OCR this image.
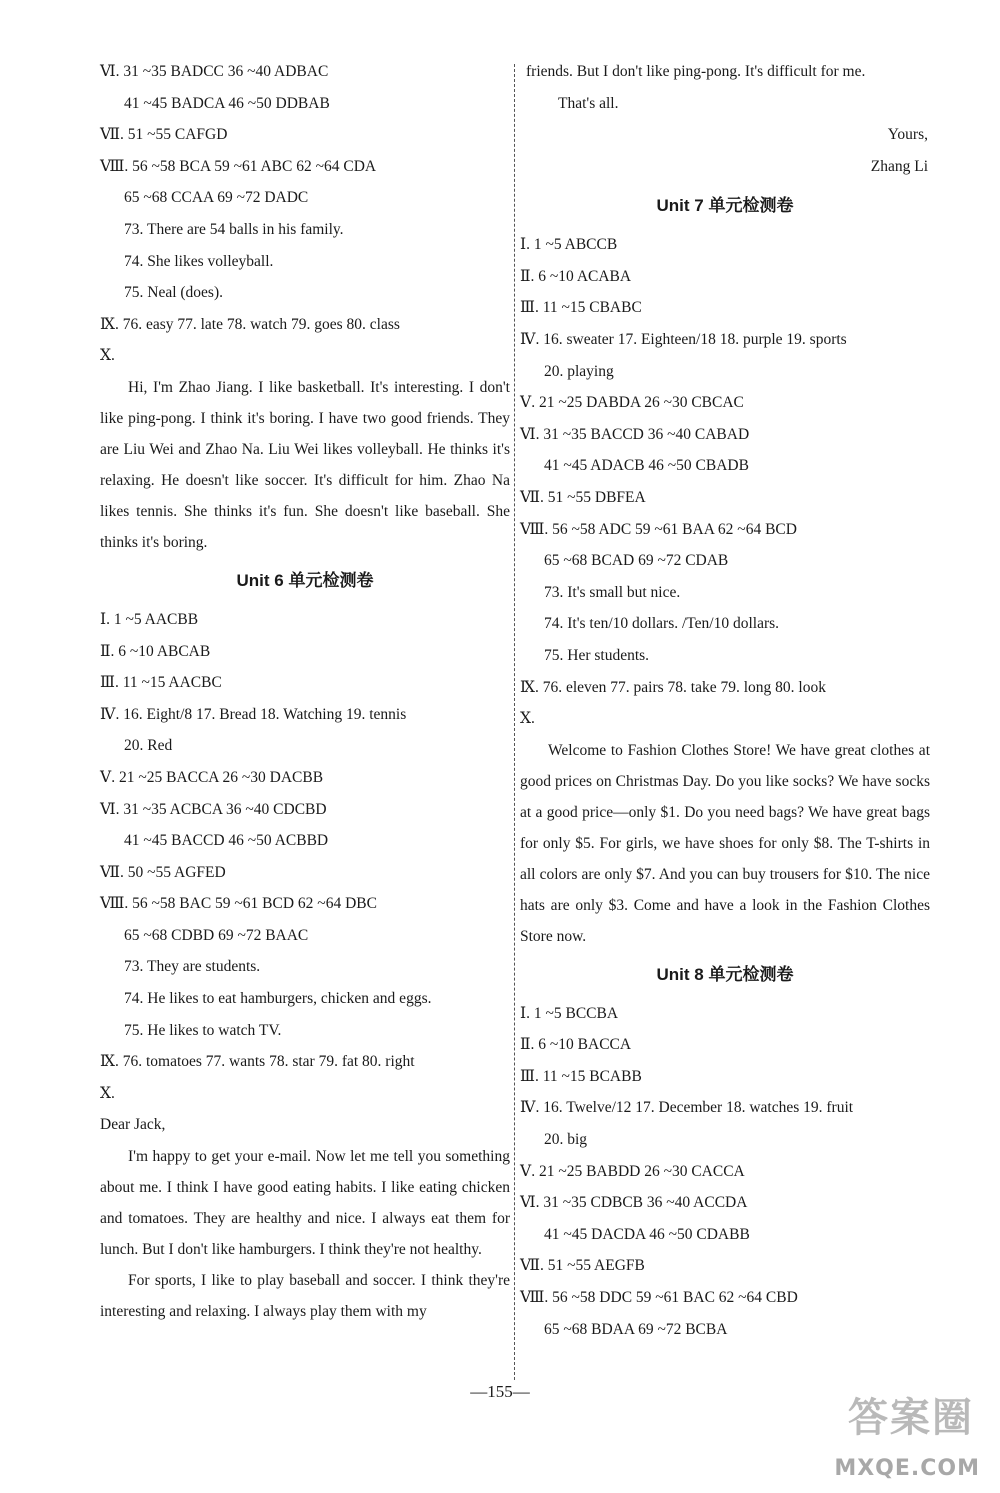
Ⅵ. 31 ~35 BADCC 36 ~40 ADBAC
41 ~45 BADCA 46 ~50 DDBAB
Ⅶ. 51 ~55 CAFGD
Ⅷ. 56 ~58 BCA 59 ~61 ABC 62 ~64 CDA
65 ~68 CCAA 69 ~72 DADC
73. There are 54 balls in his family.
74. She likes volleyball.
75. Neal (does).
Ⅸ. 76. easy 77. late 78. watch 79. goes 80. class
Ⅹ.

Hi, I'm Zhao Jiang. I like basketball. It's interesting. I don't like ping-pong. I think it's boring. I have two good friends. They are Liu Wei and Zhao Na. Liu Wei likes volleyball. He thinks it's relaxing. He doesn't like soccer. It's difficult for him. Zhao Na likes tennis. She thinks it's fun. She doesn't like baseball. She thinks it's boring.

Unit 6 单元检测卷
Ⅰ. 1 ~5 AACBB
Ⅱ. 6 ~10 ABCAB
Ⅲ. 11 ~15 AACBC
Ⅳ. 16. Eight/8 17. Bread 18. Watching 19. tennis
20. Red
Ⅴ. 21 ~25 BACCA 26 ~30 DACBB
Ⅵ. 31 ~35 ACBCA 36 ~40 CDCBD
41 ~45 BACCD 46 ~50 ACBBD
Ⅶ. 50 ~55 AGFED
Ⅷ. 56 ~58 BAC 59 ~61 BCD 62 ~64 DBC
65 ~68 CDBD 69 ~72 BAAC
73. They are students.
74. He likes to eat hamburgers, chicken and eggs.
75. He likes to watch TV.
Ⅸ. 76. tomatoes 77. wants 78. star 79. fat 80. right
Ⅹ.
Dear Jack,

I'm happy to get your e-mail. Now let me tell you something about me. I think I have good eating habits. I like eating chicken and tomatoes. They are healthy and nice. I always eat them for lunch. But I don't like hamburgers. I think they're not healthy.

For sports, I like to play baseball and soccer. I think they're interesting and relaxing. I always play them with my

friends. But I don't like ping-pong. It's difficult for me.
That's all.
Yours,
Zhang Li
Unit 7 单元检测卷
Ⅰ. 1 ~5 ABCCB
Ⅱ. 6 ~10 ACABA
Ⅲ. 11 ~15 CBABC
Ⅳ. 16. sweater 17. Eighteen/18 18. purple 19. sports
20. playing
Ⅴ. 21 ~25 DABDA 26 ~30 CBCAC
Ⅵ. 31 ~35 BACCD 36 ~40 CABAD
41 ~45 ADACB 46 ~50 CBADB
Ⅶ. 51 ~55 DBFEA
Ⅷ. 56 ~58 ADC 59 ~61 BAA 62 ~64 BCD
65 ~68 BCAD 69 ~72 CDAB
73. It's small but nice.
74. It's ten/10 dollars. /Ten/10 dollars.
75. Her students.
Ⅸ. 76. eleven 77. pairs 78. take 79. long 80. look
Ⅹ.

Welcome to Fashion Clothes Store! We have great clothes at good prices on Christmas Day. Do you like socks? We have socks at a good price—only $1. Do you need bags? We have great bags for only $5. For girls, we have shoes for only $8. The T-shirts in all colors are only $7. And you can buy trousers for $10. The nice hats are only $3. Come and have a look in the Fashion Clothes Store now.

Unit 8 单元检测卷
Ⅰ. 1 ~5 BCCBA
Ⅱ. 6 ~10 BACCA
Ⅲ. 11 ~15 BCABB
Ⅳ. 16. Twelve/12 17. December 18. watches 19. fruit
20. big
Ⅴ. 21 ~25 BABDD 26 ~30 CACCA
Ⅵ. 31 ~35 CDBCB 36 ~40 ACCDA
41 ~45 DACDA 46 ~50 CDABB
Ⅶ. 51 ~55 AEGFB
Ⅷ. 56 ~58 DDC 59 ~61 BAC 62 ~64 CBD
65 ~68 BDAA 69 ~72 BCBA
—155—
答案圈
MXQE.COM
